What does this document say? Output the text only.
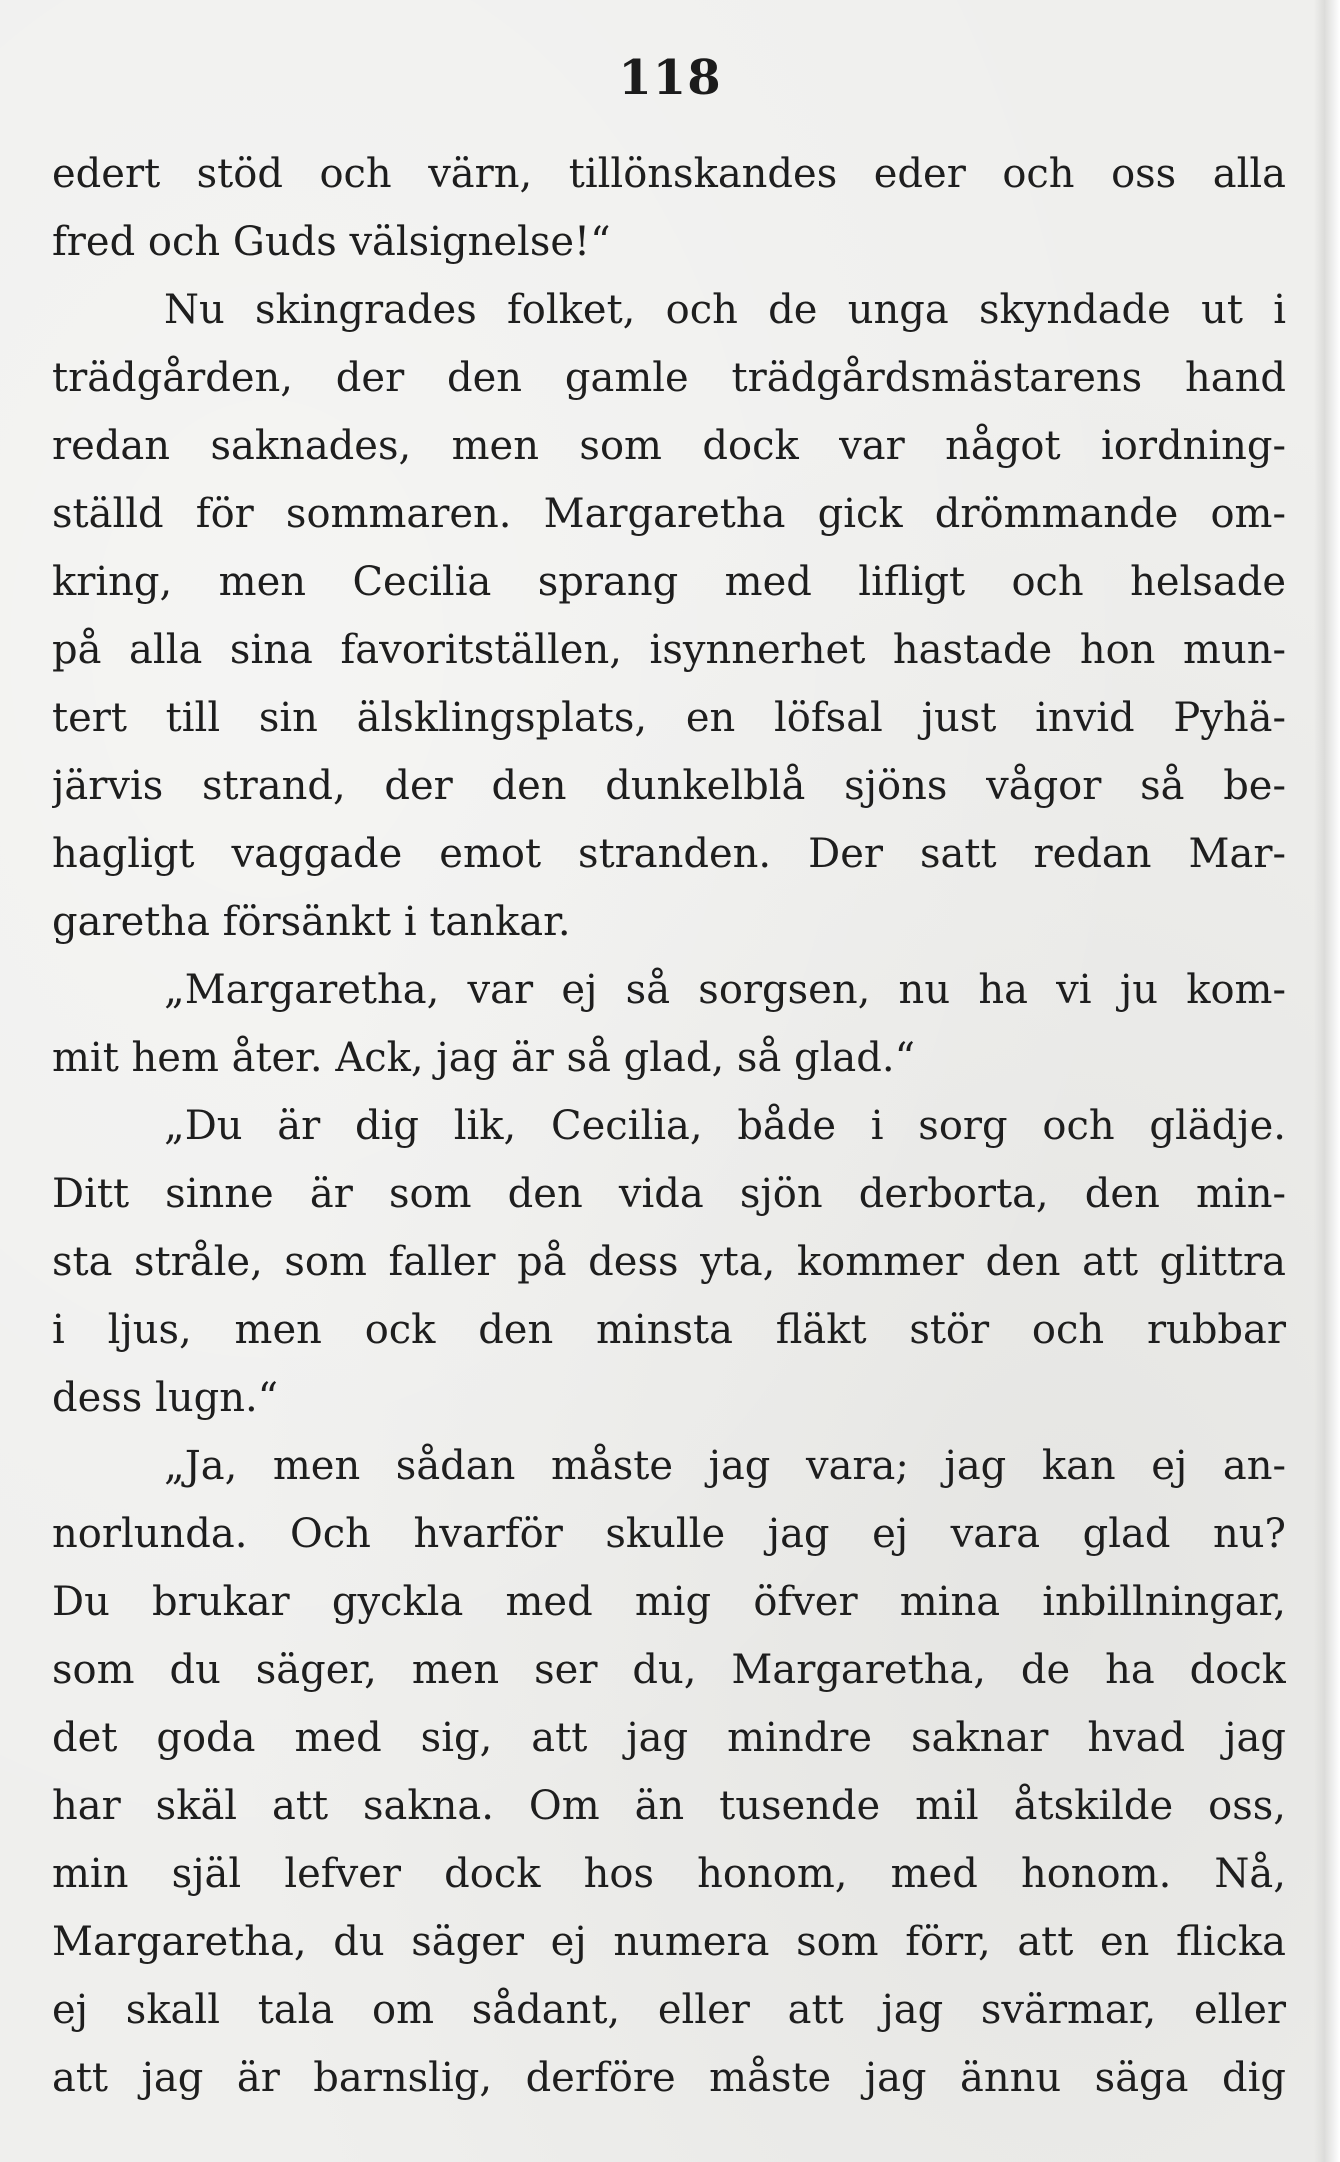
118
edert stöd och värn, tillönskandes eder och oss alla
fred och Guds välsignelse!“
Nu skingrades folket, och de unga skyndade ut i
trädgården, der den gamle trädgårdsmästarens hand
redan saknades, men som dock var något iordning-
ställd för sommaren. Margaretha gick drömmande om-
kring, men Cecilia sprang med lifligt och helsade
på alla sina favoritställen, isynnerhet hastade hon mun-
tert till sin älsklingsplats, en löfsal just invid Pyhä-
järvis strand, der den dunkelblå sjöns vågor så be-
hagligt vaggade emot stranden. Der satt redan Mar-
garetha försänkt i tankar.
„Margaretha, var ej så sorgsen, nu ha vi ju kom-
mit hem åter. Ack, jag är så glad, så glad.“
„Du är dig lik, Cecilia, både i sorg och glädje.
Ditt sinne är som den vida sjön derborta, den min-
sta stråle, som faller på dess yta, kommer den att glittra
i ljus, men ock den minsta fläkt stör och rubbar
dess lugn.“
„Ja, men sådan måste jag vara; jag kan ej an-
norlunda. Och hvarför skulle jag ej vara glad nu?
Du brukar gyckla med mig öfver mina inbillningar,
som du säger, men ser du, Margaretha, de ha dock
det goda med sig, att jag mindre saknar hvad jag
har skäl att sakna. Om än tusende mil åtskilde oss,
min själ lefver dock hos honom, med honom. Nå,
Margaretha, du säger ej numera som förr, att en flicka
ej skall tala om sådant, eller att jag svärmar, eller
att jag är barnslig, derföre måste jag ännu säga dig
